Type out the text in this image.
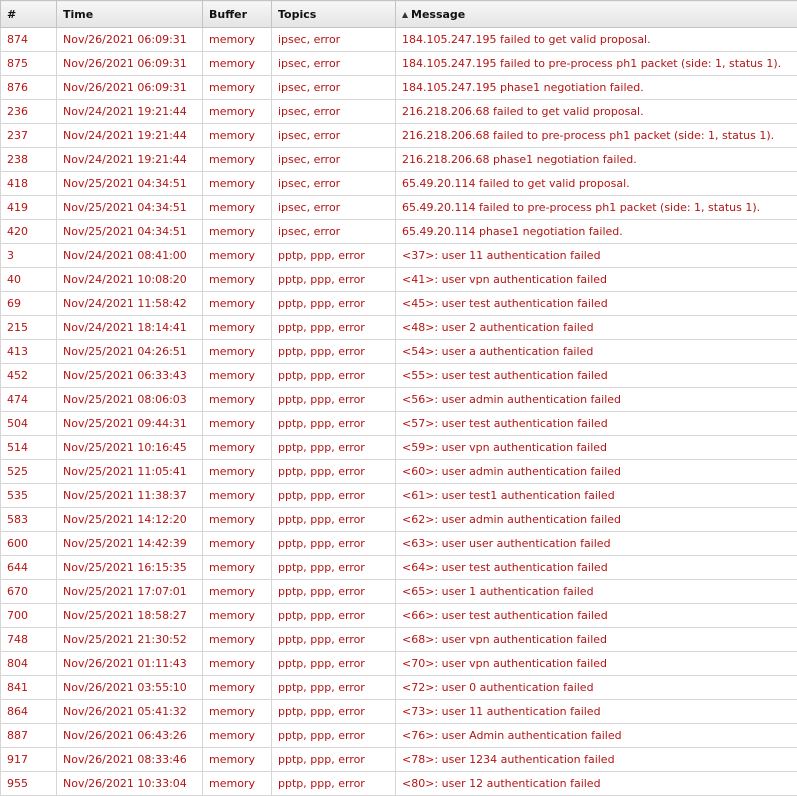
#	Time	Buffer	Topics	Message
874	Nov/26/2021 06:09:31	memory	ipsec, error	184.105.247.195 failed to get valid proposal.
875	Nov/26/2021 06:09:31	memory	ipsec, error	184.105.247.195 failed to pre-process ph1 packet (side: 1, status 1).
876	Nov/26/2021 06:09:31	memory	ipsec, error	184.105.247.195 phase1 negotiation failed.
236	Nov/24/2021 19:21:44	memory	ipsec, error	216.218.206.68 failed to get valid proposal.
237	Nov/24/2021 19:21:44	memory	ipsec, error	216.218.206.68 failed to pre-process ph1 packet (side: 1, status 1).
238	Nov/24/2021 19:21:44	memory	ipsec, error	216.218.206.68 phase1 negotiation failed.
418	Nov/25/2021 04:34:51	memory	ipsec, error	65.49.20.114 failed to get valid proposal.
419	Nov/25/2021 04:34:51	memory	ipsec, error	65.49.20.114 failed to pre-process ph1 packet (side: 1, status 1).
420	Nov/25/2021 04:34:51	memory	ipsec, error	65.49.20.114 phase1 negotiation failed.
3	Nov/24/2021 08:41:00	memory	pptp, ppp, error	<37>: user 11 authentication failed
40	Nov/24/2021 10:08:20	memory	pptp, ppp, error	<41>: user vpn authentication failed
69	Nov/24/2021 11:58:42	memory	pptp, ppp, error	<45>: user test authentication failed
215	Nov/24/2021 18:14:41	memory	pptp, ppp, error	<48>: user 2 authentication failed
413	Nov/25/2021 04:26:51	memory	pptp, ppp, error	<54>: user a authentication failed
452	Nov/25/2021 06:33:43	memory	pptp, ppp, error	<55>: user test authentication failed
474	Nov/25/2021 08:06:03	memory	pptp, ppp, error	<56>: user admin authentication failed
504	Nov/25/2021 09:44:31	memory	pptp, ppp, error	<57>: user test authentication failed
514	Nov/25/2021 10:16:45	memory	pptp, ppp, error	<59>: user vpn authentication failed
525	Nov/25/2021 11:05:41	memory	pptp, ppp, error	<60>: user admin authentication failed
535	Nov/25/2021 11:38:37	memory	pptp, ppp, error	<61>: user test1 authentication failed
583	Nov/25/2021 14:12:20	memory	pptp, ppp, error	<62>: user admin authentication failed
600	Nov/25/2021 14:42:39	memory	pptp, ppp, error	<63>: user user authentication failed
644	Nov/25/2021 16:15:35	memory	pptp, ppp, error	<64>: user test authentication failed
670	Nov/25/2021 17:07:01	memory	pptp, ppp, error	<65>: user 1 authentication failed
700	Nov/25/2021 18:58:27	memory	pptp, ppp, error	<66>: user test authentication failed
748	Nov/25/2021 21:30:52	memory	pptp, ppp, error	<68>: user vpn authentication failed
804	Nov/26/2021 01:11:43	memory	pptp, ppp, error	<70>: user vpn authentication failed
841	Nov/26/2021 03:55:10	memory	pptp, ppp, error	<72>: user 0 authentication failed
864	Nov/26/2021 05:41:32	memory	pptp, ppp, error	<73>: user 11 authentication failed
887	Nov/26/2021 06:43:26	memory	pptp, ppp, error	<76>: user Admin authentication failed
917	Nov/26/2021 08:33:46	memory	pptp, ppp, error	<78>: user 1234 authentication failed
955	Nov/26/2021 10:33:04	memory	pptp, ppp, error	<80>: user 12 authentication failed
